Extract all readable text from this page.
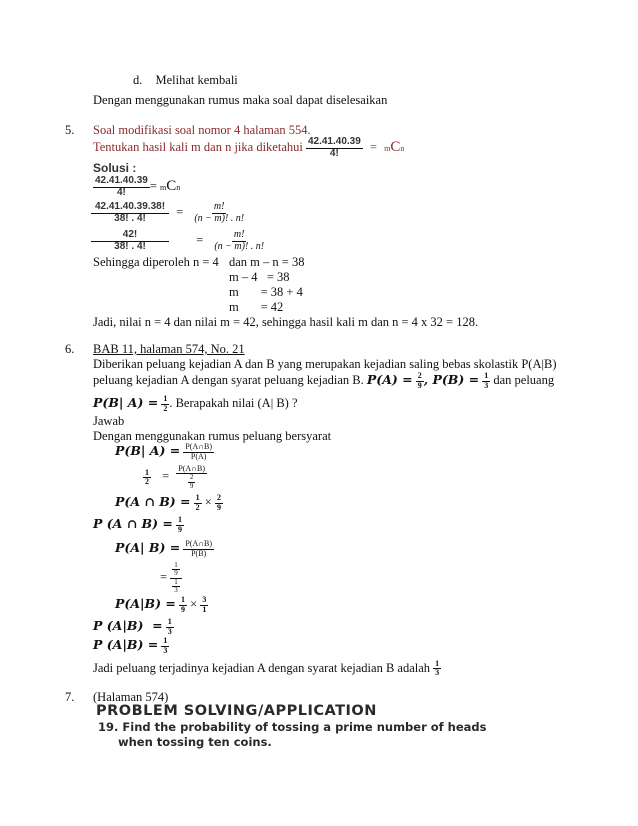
d. Melihat kembali
Dengan menggunakan rumus maka soal dapat diselesaikan
5. Soal modifikasi soal nomor 4 halaman 554.
Tentukan hasil kali m dan n jika diketahui $\frac{42.41.40.39}{4!}$ = mCn
Solusi :
$\frac{42.41.40.39}{4!}$ = mCn
$\frac{42.41.40.39.38!}{38! . 4!} = \frac{m!}{(n - m)! . n!}$
$\frac{42!}{38! . 4!} = \frac{m!}{(n - m)! . n!}$
Sehingga diperoleh n = 4 dan m – n = 38
m – 4   = 38
m       = 38 + 4
m       = 42
Jadi, nilai n = 4 dan nilai m = 42, sehingga hasil kali m dan n = 4 x 32 = 128.
6. BAB 11, halaman 574, No. 21
Diberikan peluang kejadian A dan B yang merupakan kejadian saling bebas skolastik P(A|B)
peluang kejadian A dengan syarat peluang kejadian B. $P(A) = \frac{2}{9}$ , $P(B) = \frac{1}{3}$ dan peluang
P(B| $A) = \frac{1}{2}$ . Berapakah nilai (A| B) ?
Jawab
Dengan menggunakan rumus peluang bersyarat
P(B| $A) = \frac{P(A\cap B)}{P(A)}$
$\frac{1}{2} = \frac{P(A\cap B)}{\frac{2}{9}}$
P(A ∩ $B) = \frac{1}{2} \times \frac{2}{9}$
P (A ∩ $B) = \frac{1}{9}$
P(A| $B) = \frac{P(A\cap B)}{P(B)}$
= $\frac{\frac{1}{9}}{\frac{1}{3}}$
$P(A|B) = \frac{1}{9} \times \frac{3}{1}$
P $(A|B) = \frac{1}{3}$
P $(A|B) = \frac{1}{3}$
Jadi peluang terjadinya kejadian A dengan syarat kejadian B adalah $\frac{1}{3}$
7. (Halaman 574)
PROBLEM SOLVING/APPLICATION
19. Find the probability of tossing a prime number of heads
when tossing ten coins.
